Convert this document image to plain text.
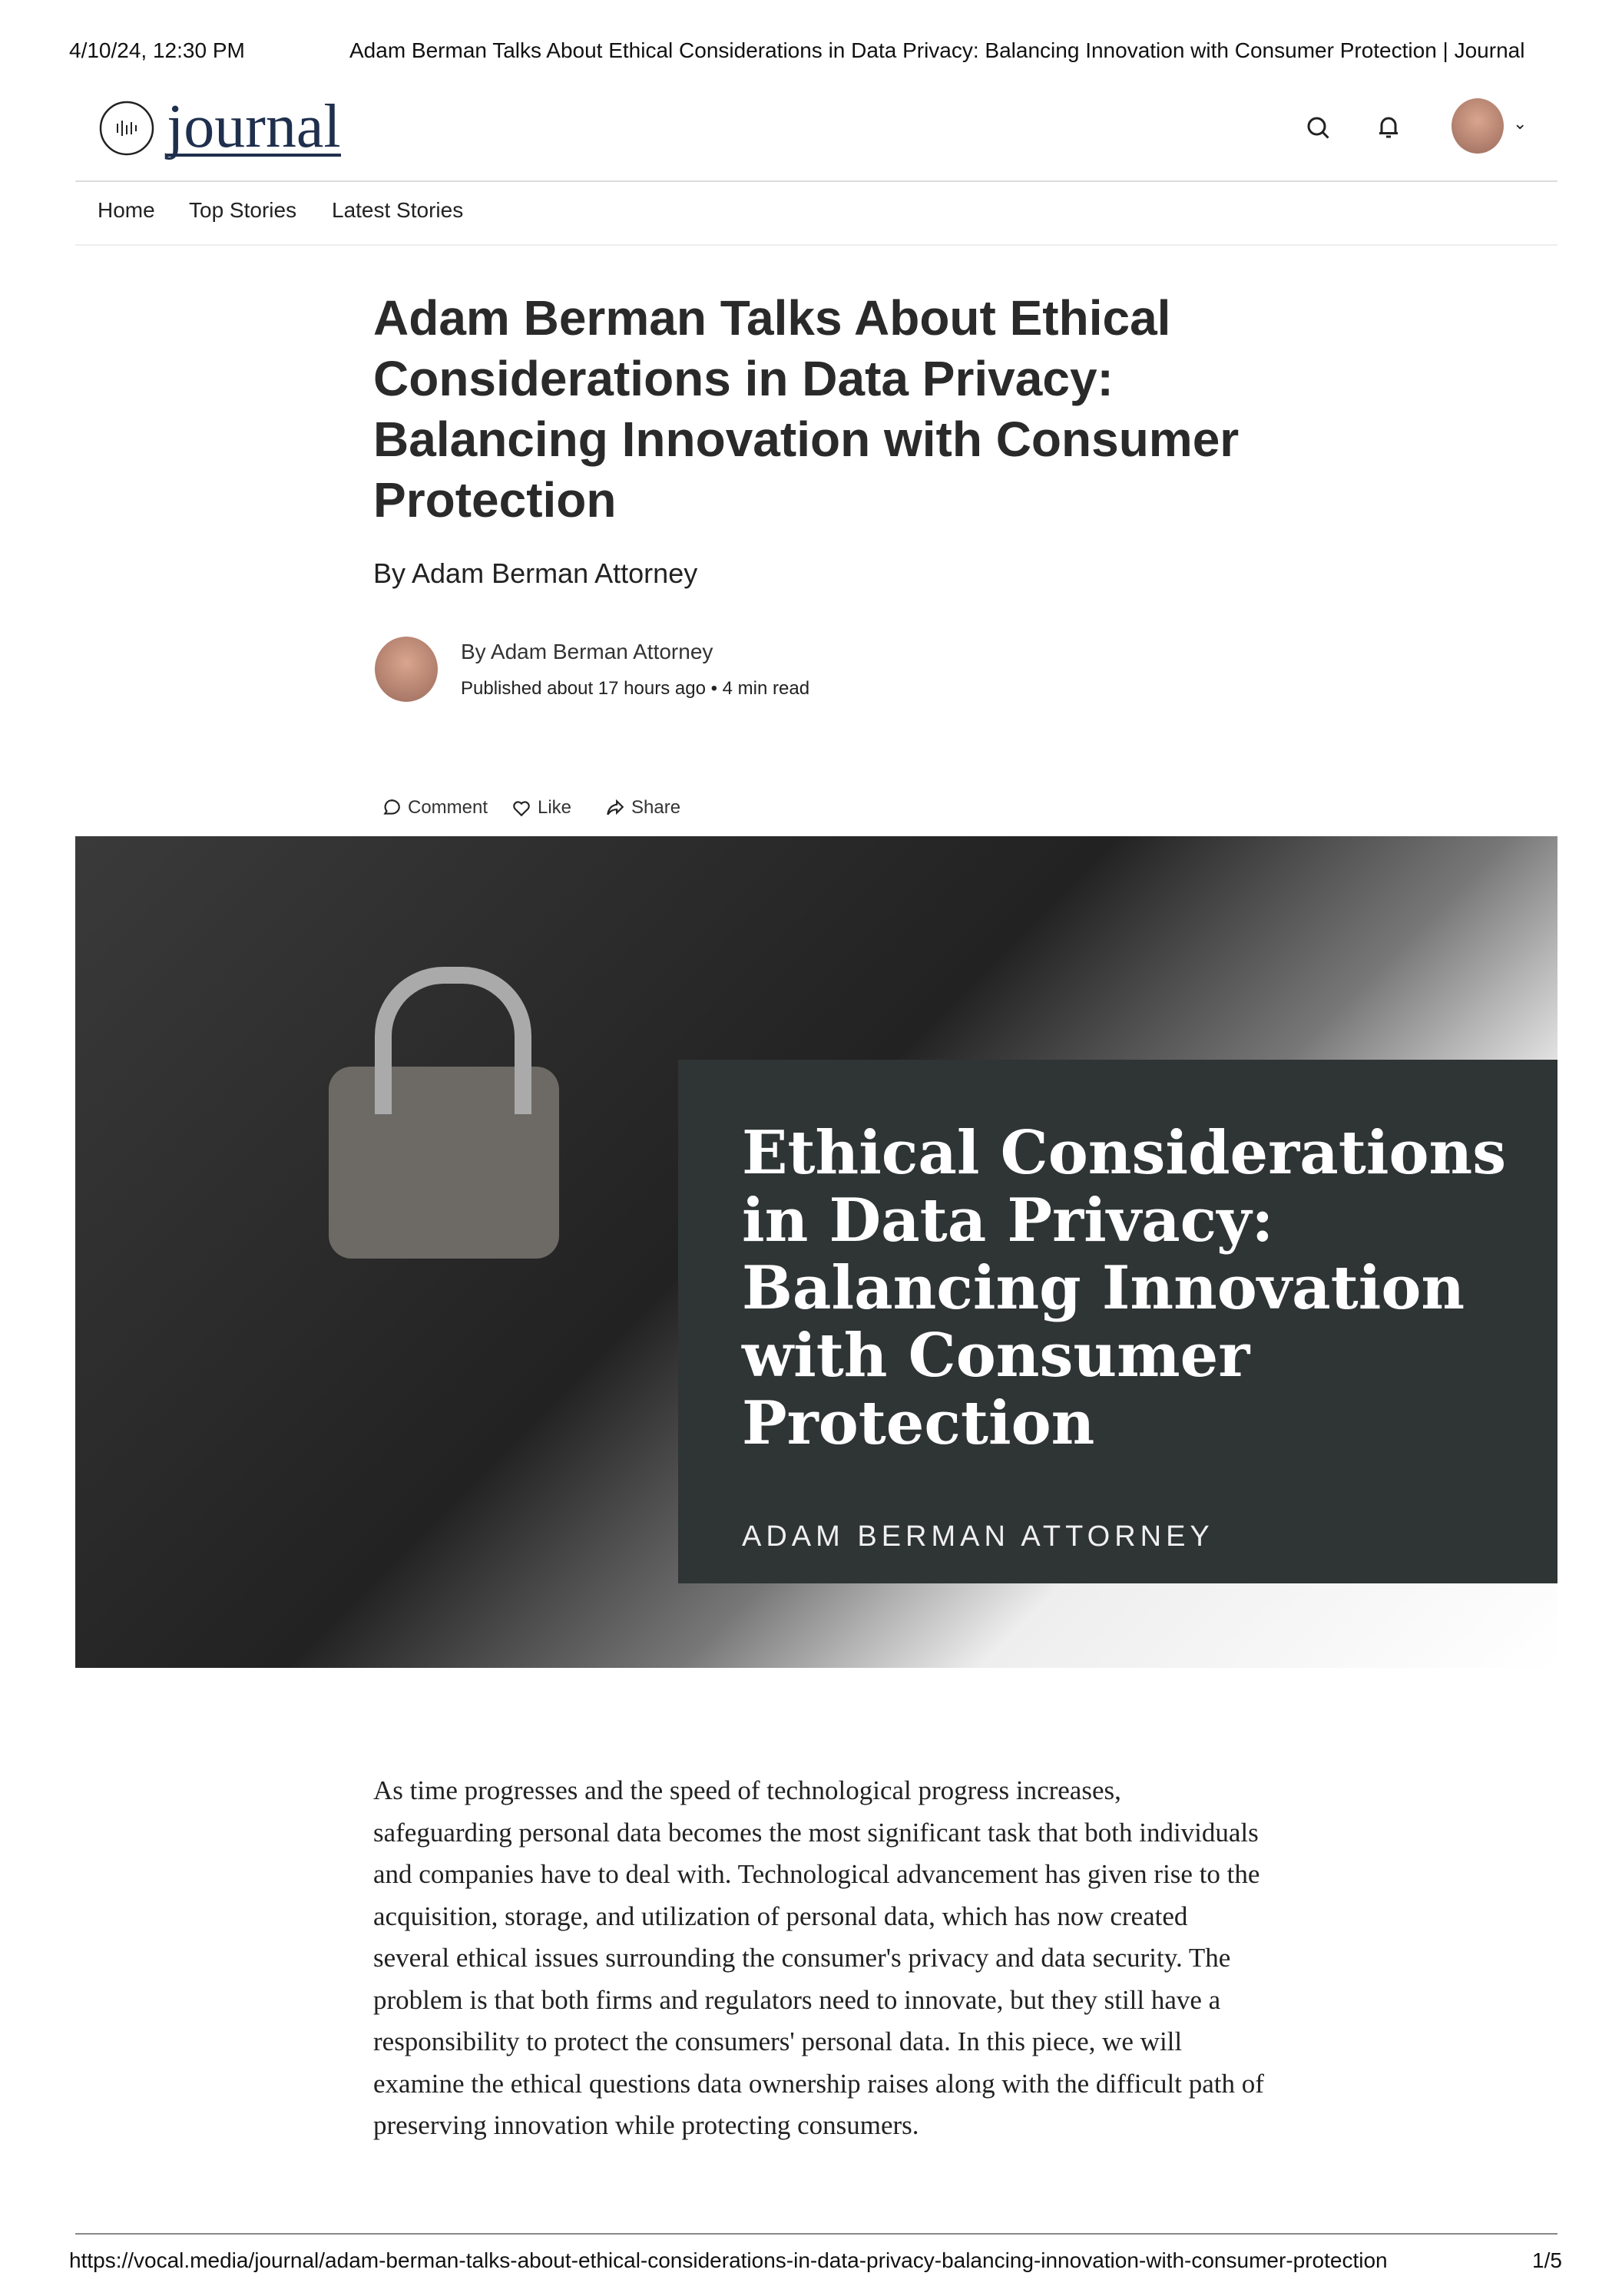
4/10/24, 12:30 PM	Adam Berman Talks About Ethical Considerations in Data Privacy: Balancing Innovation with Consumer Protection | Journal
journal	⌄
Home Top Stories Latest Stories
Adam Berman Talks About Ethical Considerations in Data Privacy: Balancing Innovation with Consumer Protection
By Adam Berman Attorney
By Adam Berman Attorney
Published about 17 hours ago • 4 min read
Comment	Like	Share
Ethical Considerations in Data Privacy: Balancing Innovation with Consumer Protection
ADAM BERMAN ATTORNEY

As time progresses and the speed of technological progress increases, safeguarding personal data becomes the most significant task that both individuals and companies have to deal with. Technological advancement has given rise to the acquisition, storage, and utilization of personal data, which has now created several ethical issues surrounding the consumer's privacy and data security. The problem is that both firms and regulators need to innovate, but they still have a responsibility to protect the consumers' personal data. In this piece, we will examine the ethical questions data ownership raises along with the difficult path of preserving innovation while protecting consumers.

https://vocal.media/journal/adam-berman-talks-about-ethical-considerations-in-data-privacy-balancing-innovation-with-consumer-protection	1/5
